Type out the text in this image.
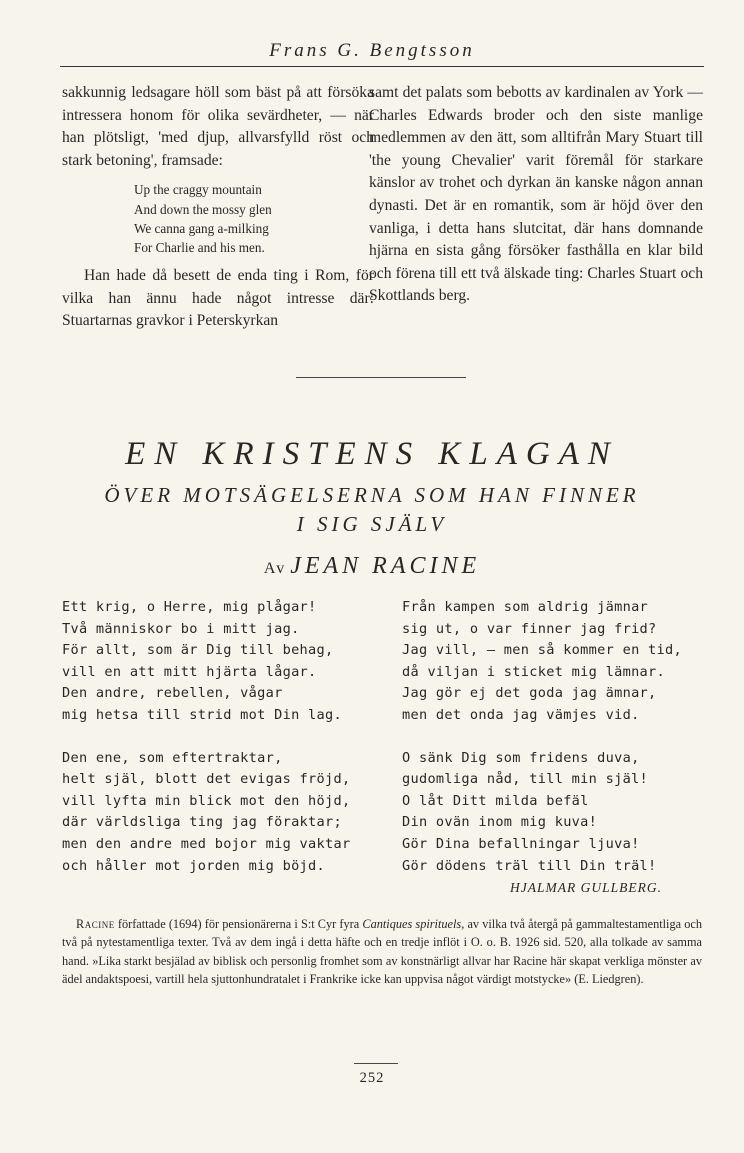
Frans G. Bengtsson

sakkunnig ledsagare höll som bäst på att försöka intressera honom för olika sevärdheter, — när han plötsligt, 'med djup, allvarsfylld röst och stark betoning', framsade:

Up the craggy mountain
And down the mossy glen
We canna gang a-milking
For Charlie and his men.

Han hade då besett de enda ting i Rom, för vilka han ännu hade något intresse där: Stuartarnas gravkor i Peterskyrkan

samt det palats som bebotts av kardinalen av York — Charles Edwards broder och den siste manlige medlemmen av den ätt, som alltifrån Mary Stuart till 'the young Chevalier' varit föremål för starkare känslor av trohet och dyrkan än kanske någon annan dynasti. Det är en romantik, som är höjd över den vanliga, i detta hans slutcitat, där hans domnande hjärna en sista gång försöker fasthålla en klar bild och förena till ett två älskade ting: Charles Stuart och Skottlands berg.

EN KRISTENS KLAGAN
ÖVER MOTSÄGELSERNA SOM HAN FINNER
I SIG SJÄLV
Av JEAN RACINE
Ett krig, o Herre, mig plågar!
Två människor bo i mitt jag.
För allt, som är Dig till behag,
vill en att mitt hjärta lågar.
Den andre, rebellen, vågar
mig hetsa till strid mot Din lag.
Den ene, som eftertraktar,
helt själ, blott det evigas fröjd,
vill lyfta min blick mot den höjd,
där världsliga ting jag föraktar;
men den andre med bojor mig vaktar
och håller mot jorden mig böjd.
Från kampen som aldrig jämnar
sig ut, o var finner jag frid?
Jag vill, — men så kommer en tid,
då viljan i sticket mig lämnar.
Jag gör ej det goda jag ämnar,
men det onda jag vämjes vid.
O sänk Dig som fridens duva,
gudomliga nåd, till min själ!
O låt Ditt milda befäl
Din ovän inom mig kuva!
Gör Dina befallningar ljuva!
Gör dödens träl till Din träl!
HJALMAR GULLBERG.
Racine författade (1694) för pensionärerna i S:t Cyr fyra Cantiques spirituels, av vilka två återgå på gammaltestamentliga och två på nytestamentliga texter. Två av dem ingå i detta häfte och en tredje inflöt i O. o. B. 1926 sid. 520, alla tolkade av samma hand. »Lika starkt besjälad av biblisk och personlig fromhet som av konstnärligt allvar har Racine här skapat verkliga mönster av ädel andaktspoesi, vartill hela sjuttonhundratalet i Frankrike icke kan uppvisa något värdigt motstycke» (E. Liedgren).
252
